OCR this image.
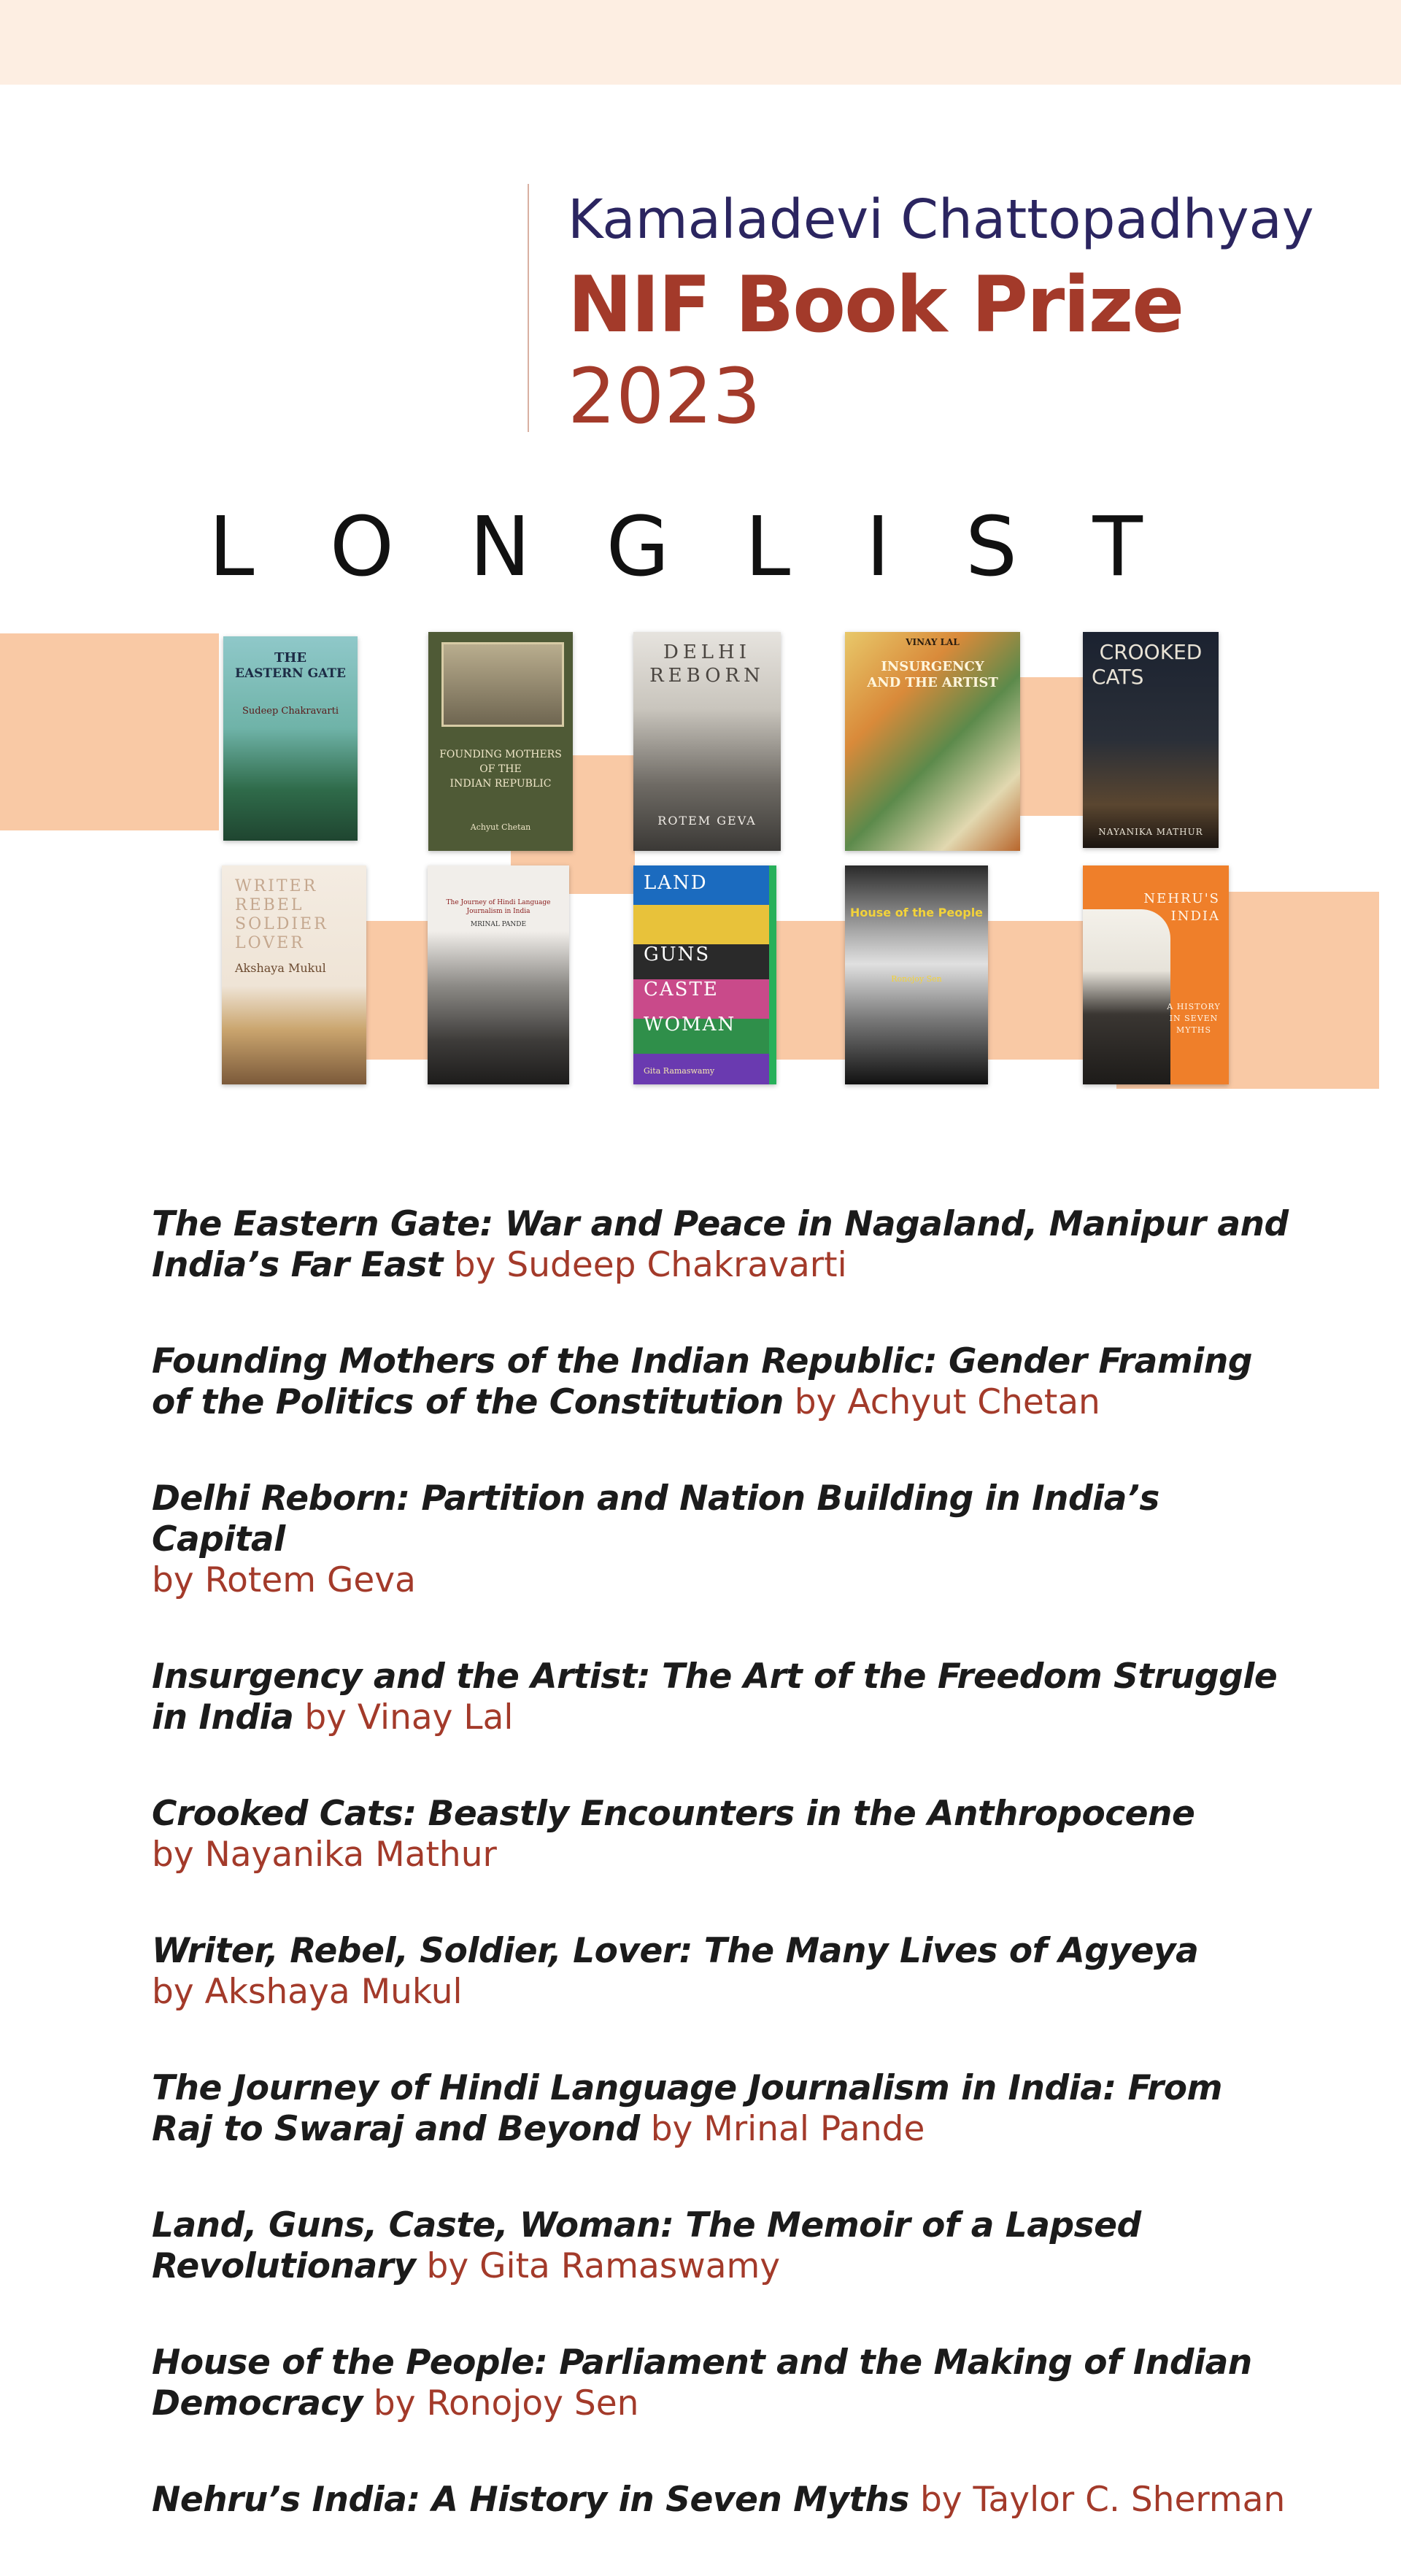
Kamaladevi Chattopadhyay
NIF Book Prize
2023
L O N G L I S T
THE
EASTERN GATE
Sudeep Chakravarti
FOUNDING MOTHERS
OF THE
INDIAN REPUBLIC
Achyut Chetan
DELHI
REBORN
ROTEM GEVA
VINAY LAL
INSURGENCY
AND THE ARTIST
CROOKED
CATS
NAYANIKA MATHUR
WRITER
REBEL
SOLDIER
LOVER
Akshaya Mukul
The Journey of Hindi Language
Journalism in India
MRINAL PANDE
LAND
GUNS
CASTE
WOMAN
Gita Ramaswamy
House of the People
Ronojoy Sen
NEHRU'S
INDIA
A HISTORY IN SEVEN MYTHS

The Eastern Gate: War and Peace in Nagaland, Manipur and India’s Far East by Sudeep Chakravarti

Founding Mothers of the Indian Republic: Gender Framing of the Politics of the Constitution by Achyut Chetan

Delhi Reborn: Partition and Nation Building in India’s Capital
by Rotem Geva

Insurgency and the Artist: The Art of the Freedom Struggle in India by Vinay Lal

Crooked Cats: Beastly Encounters in the Anthropocene
by Nayanika Mathur

Writer, Rebel, Soldier, Lover: The Many Lives of Agyeya
by Akshaya Mukul

The Journey of Hindi Language Journalism in India: From Raj to Swaraj and Beyond by Mrinal Pande

Land, Guns, Caste, Woman: The Memoir of a Lapsed Revolutionary by Gita Ramaswamy

House of the People: Parliament and the Making of Indian Democracy by Ronojoy Sen

Nehru’s India: A History in Seven Myths by Taylor C. Sherman
